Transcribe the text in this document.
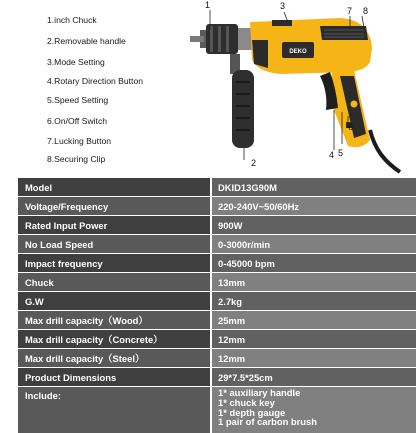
1.inch Chuck
2.Removable handle
3.Mode Setting
4.Rotary Direction Button
5.Speed Setting
6.On/Off Switch
7.Lucking Button
8.Securing Clip
DEKO
1	3	7 8
2
4 5
6
Model	DKID13G90M
Voltage/Frequency	220-240V~50/60Hz
Rated Input Power	900W
No Load Speed	0-3000r/min
Impact frequency	0-45000 bpm
Chuck	13mm
G.W	2.7kg
Max drill capacity（Wood）	25mm
Max drill capacity（Concrete）	12mm
Max drill capacity（Steel）	12mm
Product Dimensions	29*7.5*25cm
Include:	1* auxiliary handle
1* chuck key
1* depth gauge
1 pair of carbon brush
